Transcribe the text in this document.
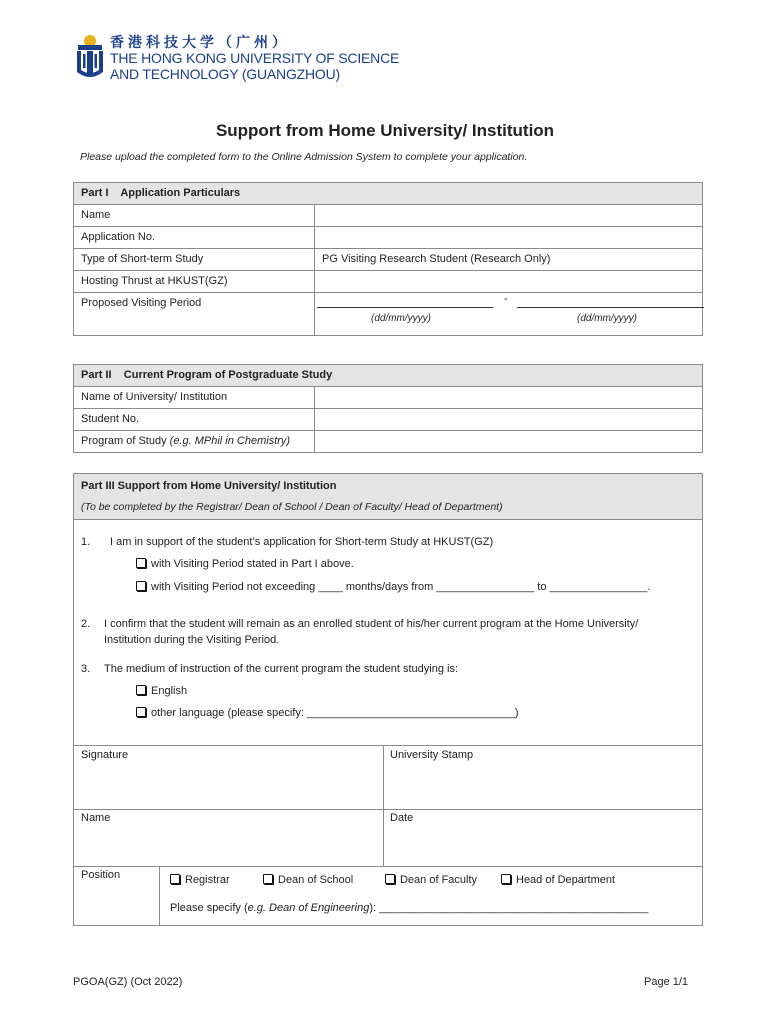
香港科技大学（广州）
THE HONG KONG UNIVERSITY OF SCIENCE
AND TECHNOLOGY (GUANGZHOU)
Support from Home University/ Institution
Please upload the completed form to the Online Admission System to complete your application.
Part I    Application Particulars	
Name	
Application No.	
Type of Short-term Study	PG Visiting Research Student (Research Only)
Hosting Thrust at HKUST(GZ)	
Proposed Visiting Period	-
(dd/mm/yyyy) (dd/mm/yyyy)
Part II    Current Program of Postgraduate Study	
Name of University/ Institution	
Student No.	
Program of Study (e.g. MPhil in Chemistry)	
Part III Support from Home University/ Institution
(To be completed by the Registrar/ Dean of School / Dean of Faculty/ Head of Department)
1. I am in support of the student’s application for Short-term Study at HKUST(GZ)
with Visiting Period stated in Part I above.
with Visiting Period not exceeding ____ months/days from ________________ to ________________.
2. I confirm that the student will remain as an enrolled student of his/her current program at the Home University/
Institution during the Visiting Period.
3. The medium of instruction of the current program the student studying is:
English
other language (please specify: __________________________________)
Signature	University Stamp
Name	Date
Position	Registrar	Dean of School	Dean of Faculty	Head of Department
Please specify (e.g. Dean of Engineering): ____________________________________________
PGOA(GZ) (Oct 2022)	Page 1/1
